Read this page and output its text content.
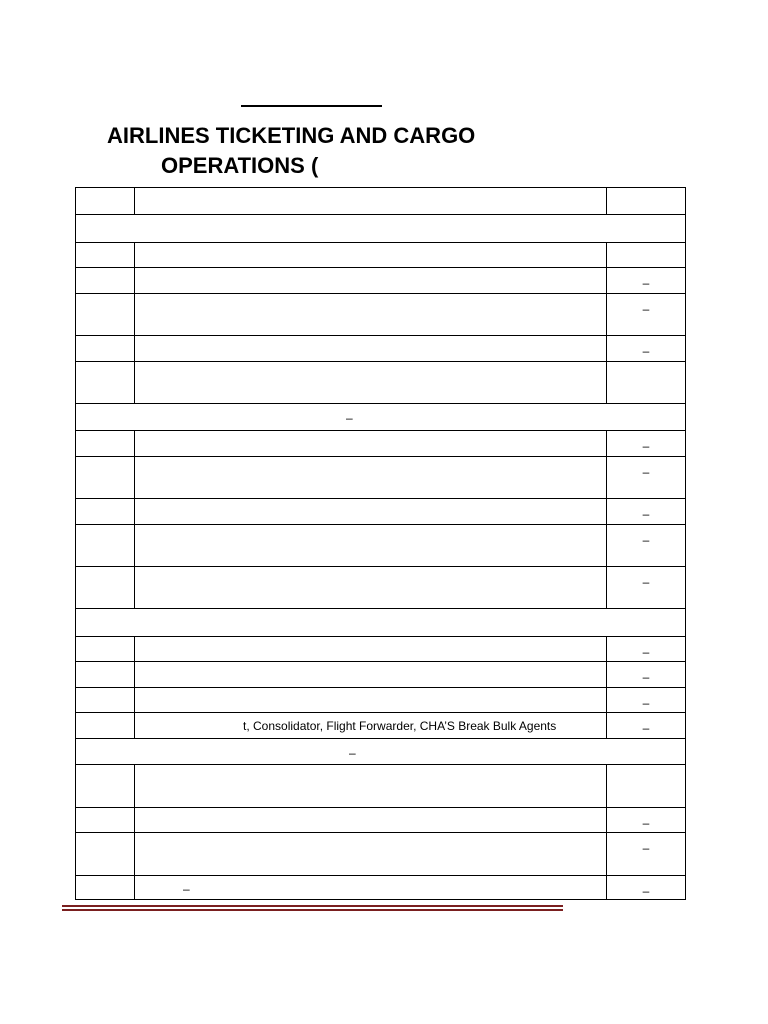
AIRLINES TICKETING AND CARGO
OPERATIONS (

		–

		–

		–

–		

		–

		–

		–

		–

		–

		–

		–

		–

	t, Consolidator, Flight Forwarder, CHA’S Break Bulk Agents	–

–		

		–

		–

	–	–
